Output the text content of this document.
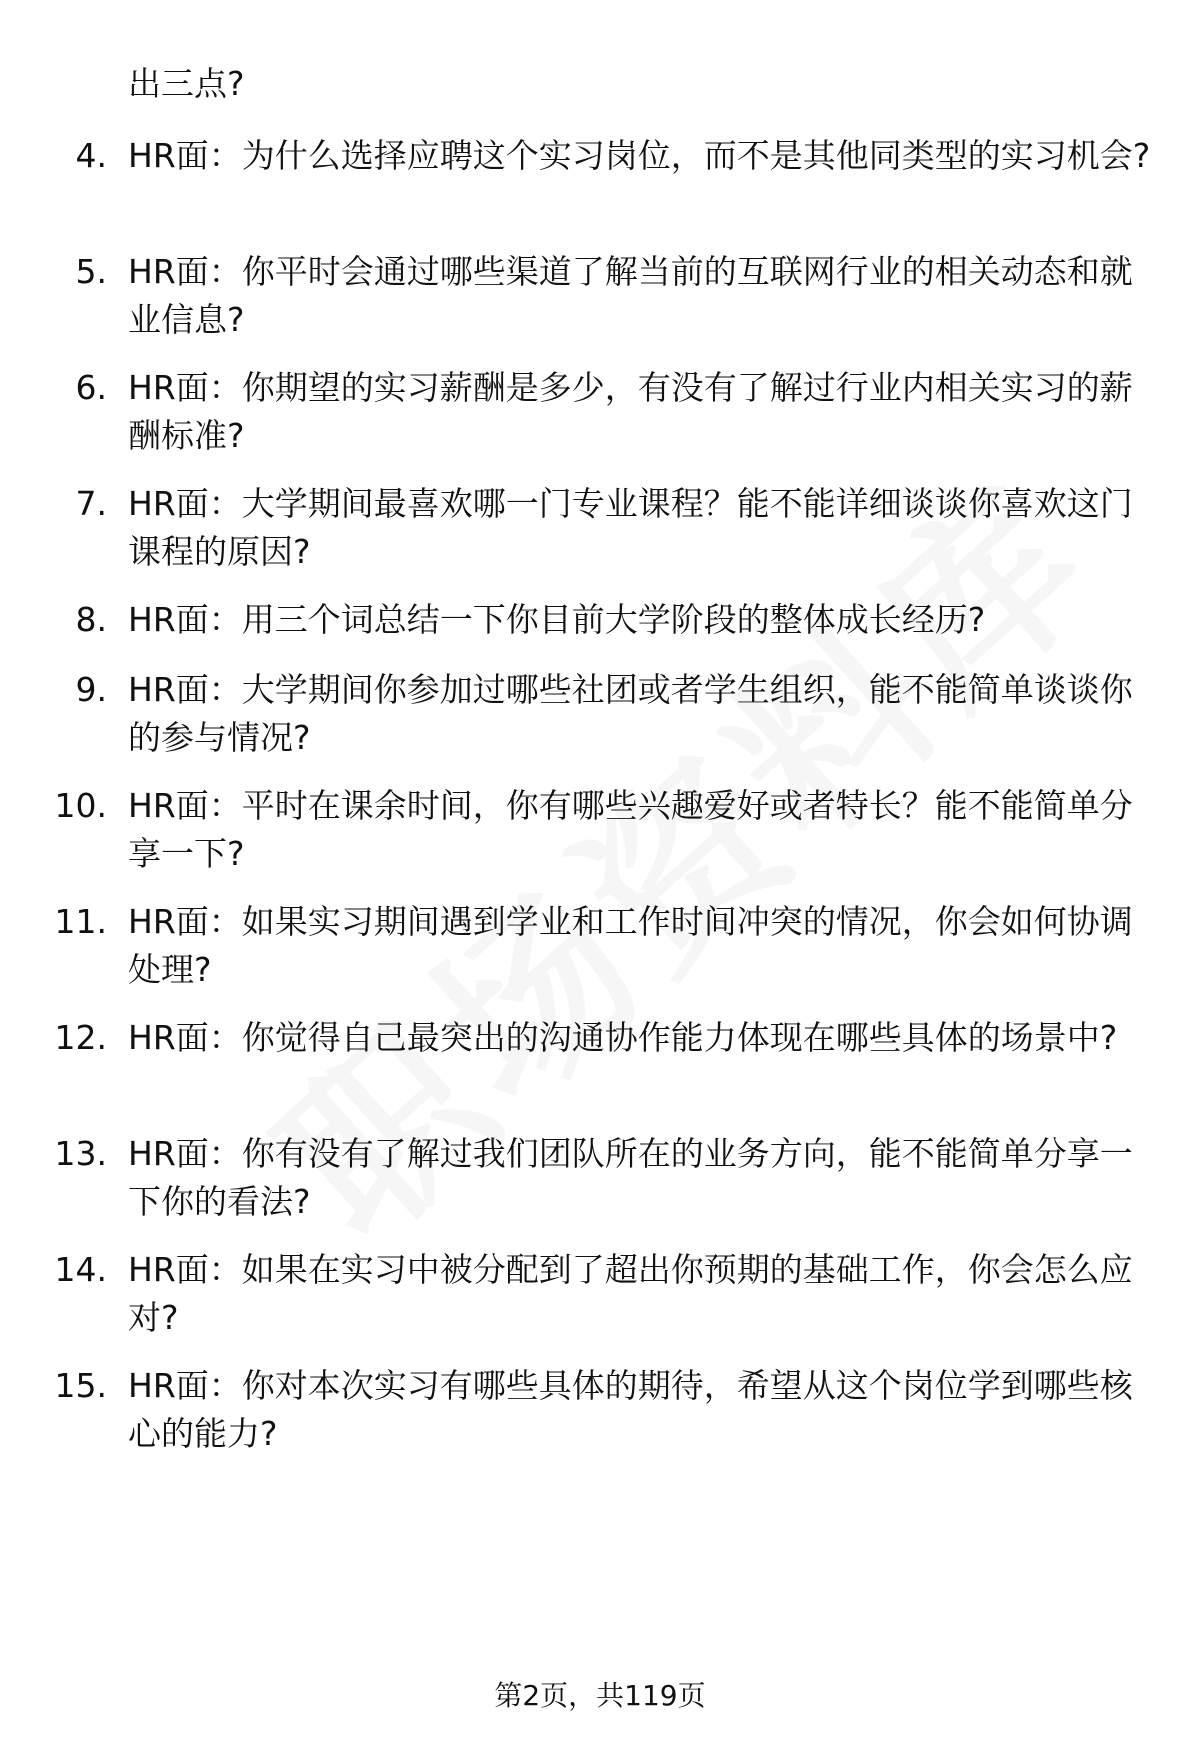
出三点?
4. HR面：为什么选择应聘这个实习岗位，而不是其他同类型的实习机会?
5. HR面：你平时会通过哪些渠道了解当前的互联网行业的相关动态和就业信息?
6. HR面：你期望的实习薪酬是多少，有没有了解过行业内相关实习的薪酬标准?
7. HR面：大学期间最喜欢哪一门专业课程？能不能详细谈谈你喜欢这门课程的原因?
8. HR面：用三个词总结一下你目前大学阶段的整体成长经历?
9. HR面：大学期间你参加过哪些社团或者学生组织，能不能简单谈谈你的参与情况?
10. HR面：平时在课余时间，你有哪些兴趣爱好或者特长？能不能简单分享一下?
11. HR面：如果实习期间遇到学业和工作时间冲突的情况，你会如何协调处理?
12. HR面：你觉得自己最突出的沟通协作能力体现在哪些具体的场景中?
13. HR面：你有没有了解过我们团队所在的业务方向，能不能简单分享一下你的看法?
14. HR面：如果在实习中被分配到了超出你预期的基础工作，你会怎么应对?
15. HR面：你对本次实习有哪些具体的期待，希望从这个岗位学到哪些核心的能力?
第2页，共119页
